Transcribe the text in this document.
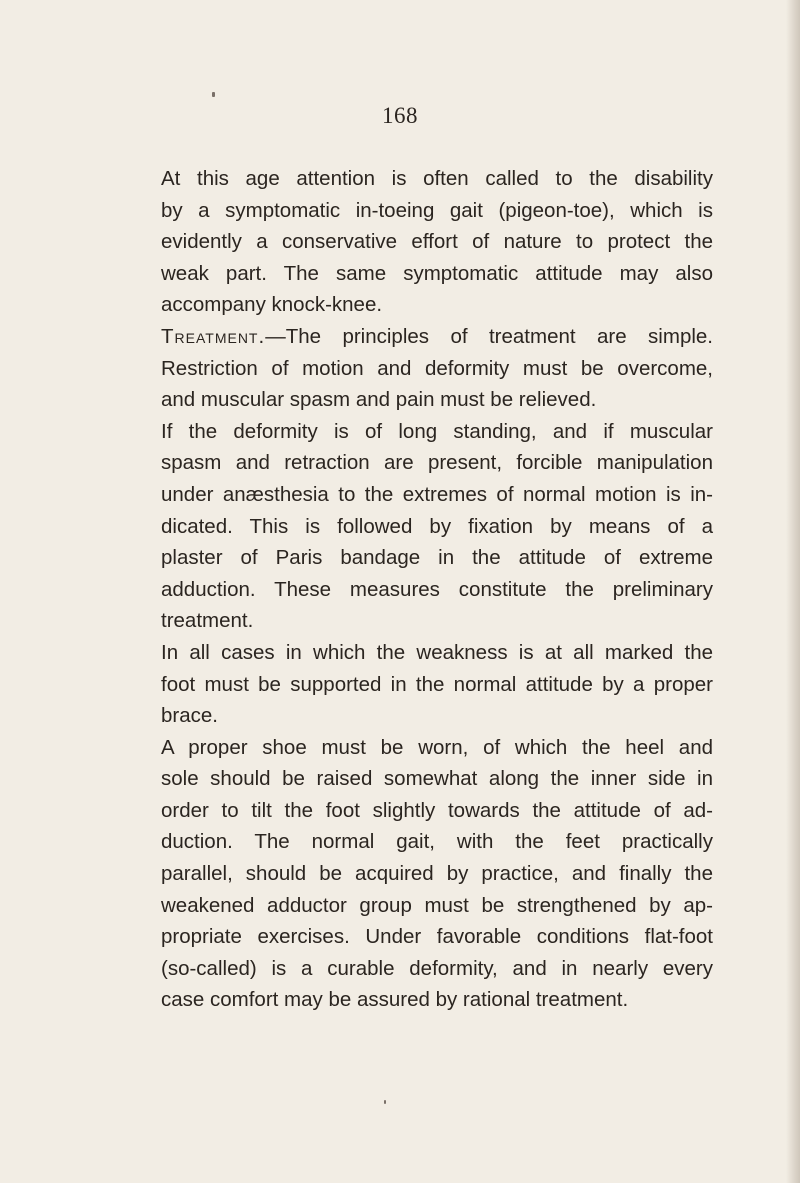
168

At this age attention is often called to the disability
by a symptomatic in-toeing gait (pigeon-toe), which is
evidently a conservative effort of nature to protect the
weak part. The same symptomatic attitude may also
accompany knock-knee.

Treatment.—The principles of treatment are simple.
Restriction of motion and deformity must be overcome,
and muscular spasm and pain must be relieved.

If the deformity is of long standing, and if muscular
spasm and retraction are present, forcible manipulation
under anæsthesia to the extremes of normal motion is in-
dicated. This is followed by fixation by means of a
plaster of Paris bandage in the attitude of extreme
adduction. These measures constitute the preliminary
treatment.

In all cases in which the weakness is at all marked the
foot must be supported in the normal attitude by a proper
brace.

A proper shoe must be worn, of which the heel and
sole should be raised somewhat along the inner side in
order to tilt the foot slightly towards the attitude of ad-
duction. The normal gait, with the feet practically
parallel, should be acquired by practice, and finally the
weakened adductor group must be strengthened by ap-
propriate exercises. Under favorable conditions flat-foot
(so-called) is a curable deformity, and in nearly every
case comfort may be assured by rational treatment.
